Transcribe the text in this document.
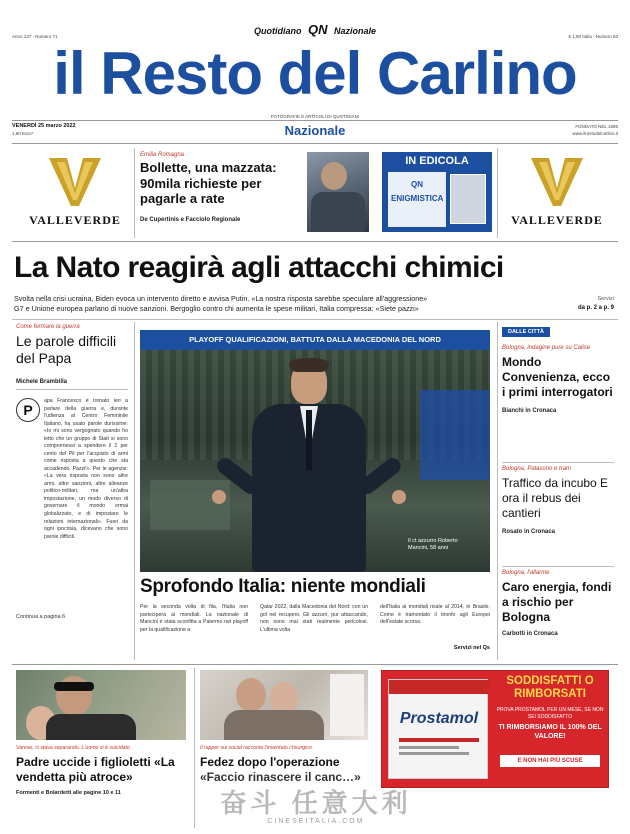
Anno 137 - Numero 71	€ 1,80 Italia - Numero 83
Quotidiano QN Nazionale
il Resto del Carlino
FOTOGRAFIE E ARTICOLI DI QUOTIDIANI
VENERDÌ 25 marzo 2022
1,80 Euro*	Nazionale	FONDATO NEL 1885
www.ilrestodelcarlino.it
VALLEVERDE
Emilia Romagna
Bollette, una mazzata: 90mila richieste per pagarle a rate
De Cupertinis e Facciolo Regionale
IN EDICOLA
QN ENIGMISTICA
VALLEVERDE
La Nato reagirà agli attacchi chimici
Svolta nella crisi ucraina, Biden evoca un intervento diretto e avvisa Putin. «La nostra risposta sarebbe speculare all'aggressione»
G7 e Unione europea parlano di nuove sanzioni. Bergoglio contro chi aumenta le spese militari, Italia compressa: «Siete pazzi»
Servizi
da p. 2 a p. 9
Come fermare la guerra
Le parole difficili del Papa
Michele Brambilla
P
apa Francesco è tornato ieri a parlare della guerra e, durante l'udienza al Centro Femminile Italiano, ha usato parole durissime: «Io mi sono vergognato quando ho letto che un gruppo di Stati si sono compromessi a spendere il 2 per cento del Pil per l'acquisto di armi come risposta a questo che sta accadendo. Pazzi!». Per le agenzie: «La vera risposta non sono altre armi, altre sanzioni, altre alleanze politico-militari, ma un'altra impostazione, un modo diverso di governare il mondo ormai globalizzato, e di impostare le relazioni internazionali». Fuori da ogni ipocrisia, dicevano che sono parole difficili.
Continua a pagina 6
PLAYOFF QUALIFICAZIONI, BATTUTA DALLA MACEDONIA DEL NORD
Il ct azzurro Roberto Mancini, 58 anni
Sprofondo Italia: niente mondiali
Per la seconda volta di fila, l'Italia non parteciperà ai mondiali. La nazionale di Mancini è stata sconfitta a Palermo nel playoff per la qualificazione a
Qatar 2022, dalla Macedonia del Nord: con un gol nel recupero. Gli azzurri, pur attaccando, non sono mai stati realmente pericolosi. L'ultima volta
dell'Italia ai mondiali risale al 2014, in Brasile. Come è tramontato il trionfo agli Europei dell'estate scorsa.
Servizi nel Qs
DALLE CITTÀ
Bologna, indagine pure su Calise
Mondo Convenienza, ecco i primi interrogatori
Bianchi in Cronaca
Bologna, Palasorio e tram
Traffico da incubo E ora il rebus dei cantieri
Rosato in Cronaca
Bologna, l'allarme
Caro energia, fondi a rischio per Bologna
Carbotti in Cronaca
Varese, si stava separando. L'uomo si è suicidato
Padre uccide i figlioletti «La vendetta più atroce»
Formenti e Bolardetti alle pagine 10 e 11
Il rapper sui social racconta l'inventato chirurgico
Fedez dopo l'operazione
«Faccio rinascere il canc…»
Prostamol
SODDISFATTI O RIMBORSATI
PROVA PROSTAMOL PER UN MESE, SE NON SEI SODDISFATTO
TI RIMBORSIAMO IL 100% DEL VALORE!
E NON HAI PIÙ SCUSE
奋斗 任意大利
CINESEITALIA.COM
